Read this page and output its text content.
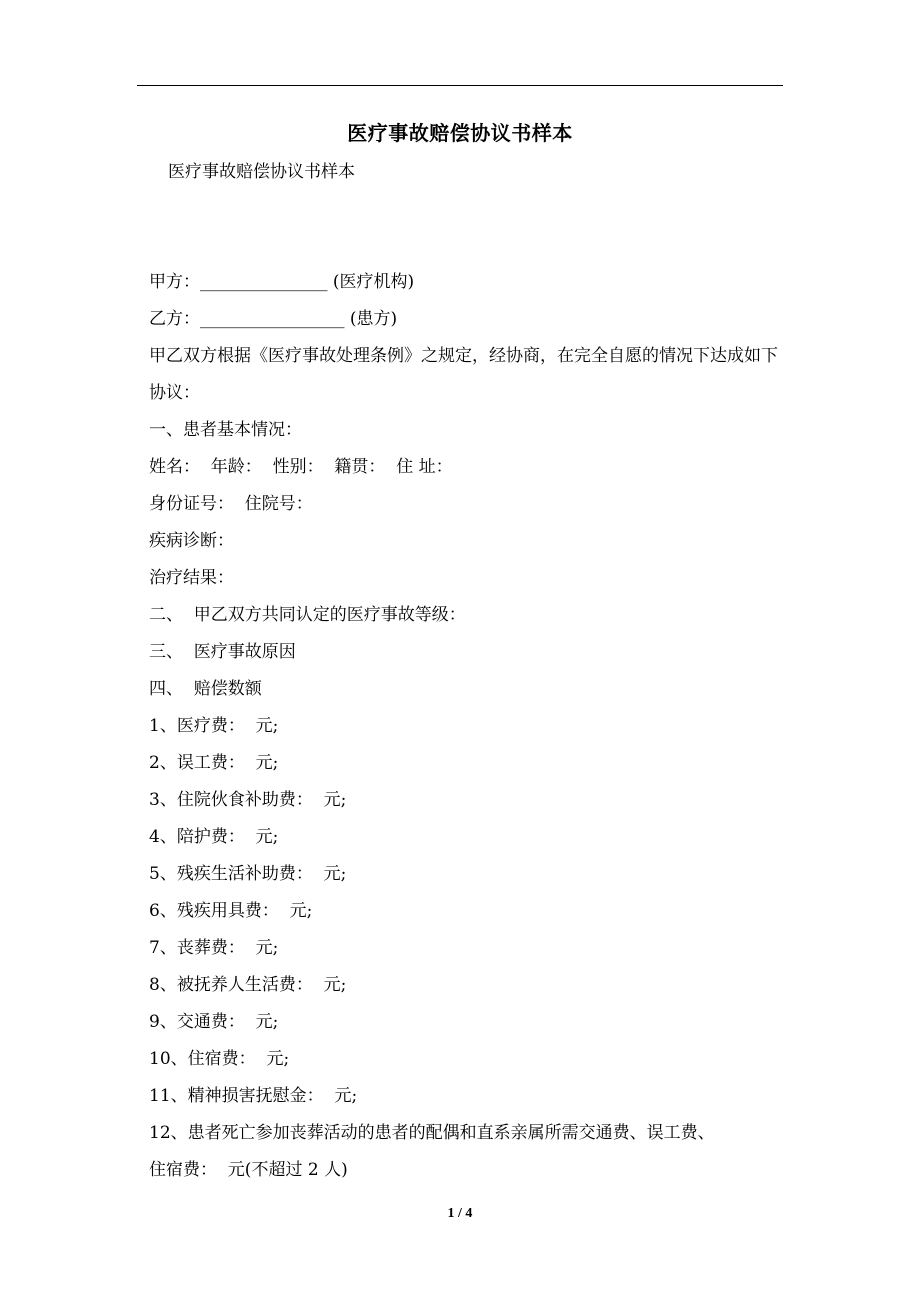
医疗事故赔偿协议书样本
医疗事故赔偿协议书样本
甲方：_______________ (医疗机构)
乙方：_________________ (患方)
甲乙双方根据《医疗事故处理条例》之规定，经协商，在完全自愿的情况下达成如下协议：
一、患者基本情况：
姓名：  年龄：  性别：  籍贯：  住 址：
身份证号：  住院号：
疾病诊断：
治疗结果：
二、  甲乙双方共同认定的医疗事故等级：
三、  医疗事故原因
四、  赔偿数额
1、医疗费：  元;
2、误工费：  元;
3、住院伙食补助费：  元;
4、陪护费：  元;
5、残疾生活补助费：  元;
6、残疾用具费：  元;
7、丧葬费：  元;
8、被抚养人生活费：  元;
9、交通费：  元;
10、住宿费：  元;
11、精神损害抚慰金：  元;
12、患者死亡参加丧葬活动的患者的配偶和直系亲属所需交通费、误工费、
住宿费：  元(不超过 2 人)
1 / 4
